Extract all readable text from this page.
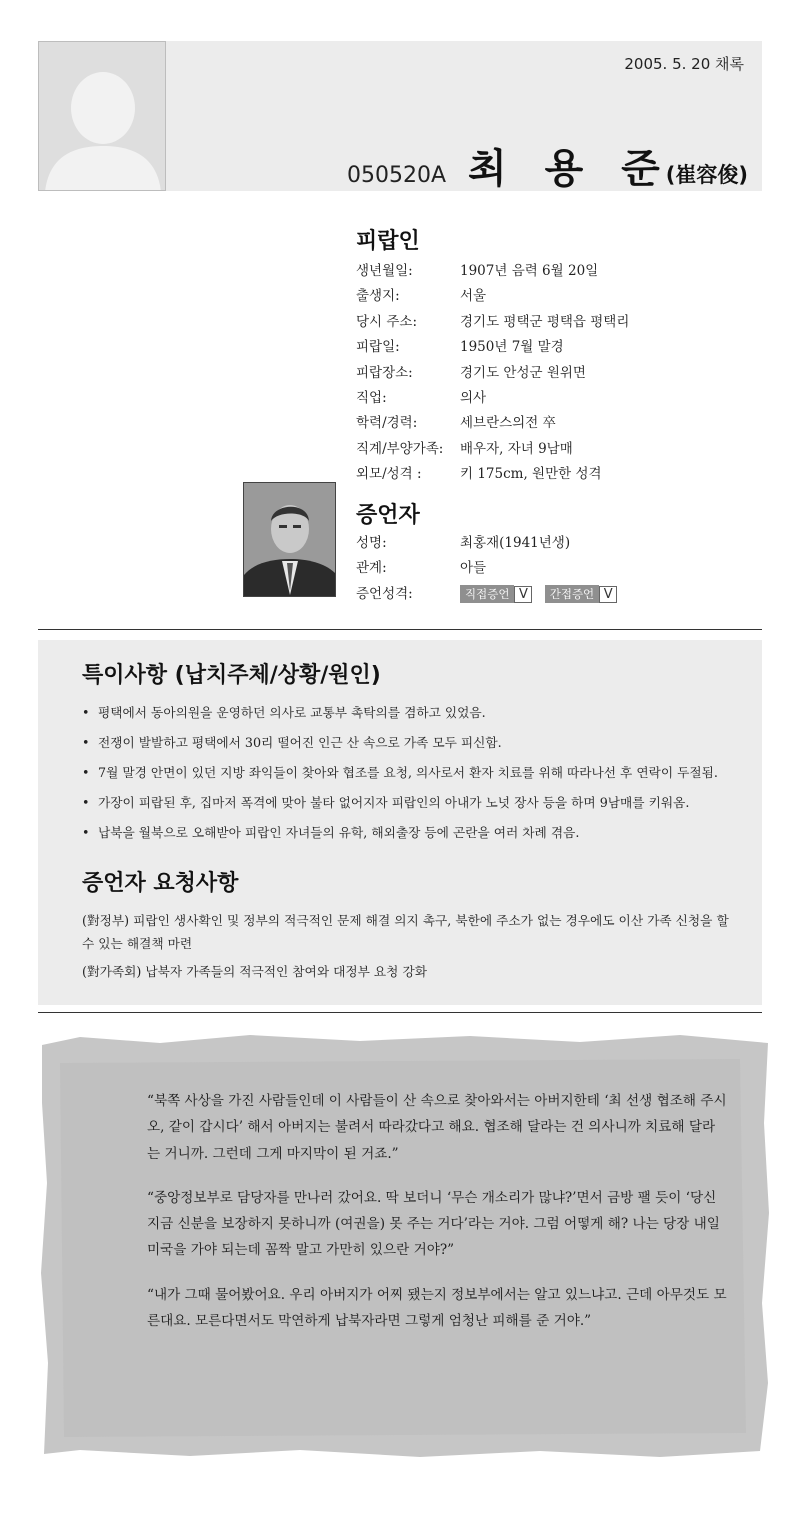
2005. 5. 20 채록
050520A 최 용 준
(崔容俊)
피랍인
생년월일:	1907년 음력 6월 20일
출생지:	서울
당시 주소:	경기도 평택군 평택읍 평택리
피랍일:	1950년 7월 말경
피랍장소:	경기도 안성군 원위면
직업:	의사
학력/경력:	세브란스의전 卒
직계/부양가족:	배우자, 자녀 9남매
외모/성격 :	키 175cm, 원만한 성격
증언자
성명:	최홍재(1941년생)
관계:	아들
증언성격:	직접증언 V 간접증언 V
특이사항 (납치주체/상황/원인)
• 평택에서 동아의원을 운영하던 의사로 교통부 촉탁의를 겸하고 있었음.
• 전쟁이 발발하고 평택에서 30리 떨어진 인근 산 속으로 가족 모두 피신함.
• 7월 말경 안면이 있던 지방 좌익들이 찾아와 협조를 요청, 의사로서 환자 치료를 위해 따라나선 후 연락이 두절됨.
• 가장이 피랍된 후, 집마저 폭격에 맞아 불타 없어지자 피랍인의 아내가 노넛 장사 등을 하며 9남매를 키워옴.
• 납북을 월북으로 오해받아 피랍인 자녀들의 유학, 해외출장 등에 곤란을 여러 차례 겪음.
증언자 요청사항
(對정부) 피랍인 생사확인 및 정부의 적극적인 문제 해결 의지 촉구, 북한에 주소가 없는 경우에도 이산 가족 신청을 할 수 있는 해결책 마련
(對가족회) 납북자 가족들의 적극적인 참여와 대정부 요청 강화

“북쪽 사상을 가진 사람들인데 이 사람들이 산 속으로 찾아와서는 아버지한테 ‘최 선생 협조해 주시오, 같이 갑시다’ 해서 아버지는 불려서 따라갔다고 해요. 협조해 달라는 건 의사니까 치료해 달라는 거니까. 그런데 그게 마지막이 된 거죠.”

“중앙정보부로 담당자를 만나러 갔어요. 딱 보더니 ‘무슨 개소리가 많냐?’면서 금방 팰 듯이 ‘당신 지금 신분을 보장하지 못하니까 (여권을) 못 주는 거다’라는 거야. 그럼 어떻게 해? 나는 당장 내일 미국을 가야 되는데 꼼짝 말고 가만히 있으란 거야?”

“내가 그때 물어봤어요. 우리 아버지가 어찌 됐는지 정보부에서는 알고 있느냐고. 근데 아무것도 모른대요. 모른다면서도 막연하게 납북자라면 그렇게 엄청난 피해를 준 거야.”
